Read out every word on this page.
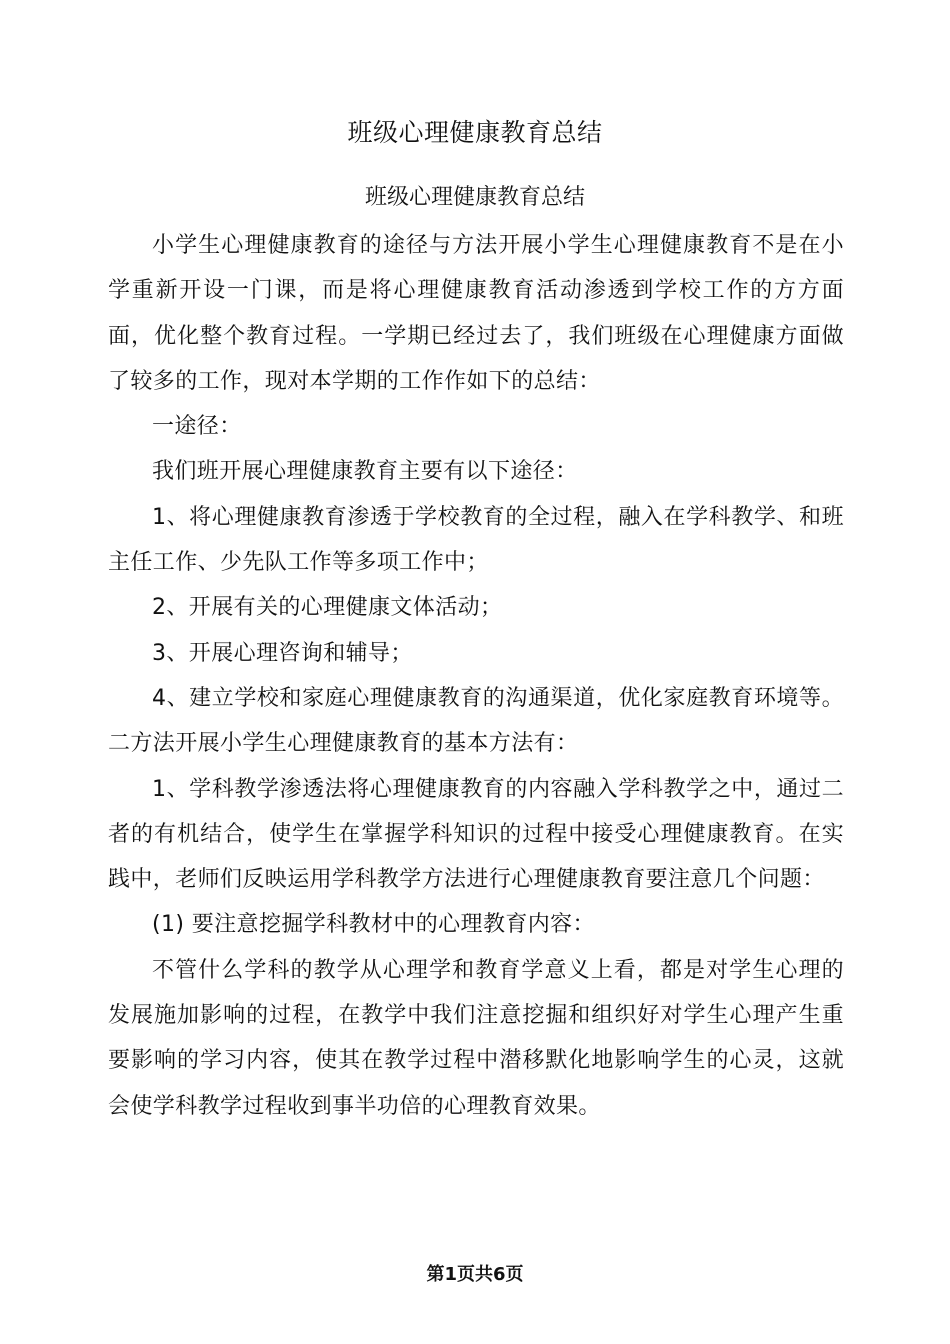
班级心理健康教育总结
班级心理健康教育总结

小学生心理健康教育的途径与方法开展小学生心理健康教育不是在小学重新开设一门课，而是将心理健康教育活动渗透到学校工作的方方面面，优化整个教育过程。一学期已经过去了，我们班级在心理健康方面做了较多的工作，现对本学期的工作作如下的总结：

一途径：

我们班开展心理健康教育主要有以下途径：

1、将心理健康教育渗透于学校教育的全过程，融入在学科教学、和班主任工作、少先队工作等多项工作中；

2、开展有关的心理健康文体活动；

3、开展心理咨询和辅导；

4、建立学校和家庭心理健康教育的沟通渠道，优化家庭教育环境等。二方法开展小学生心理健康教育的基本方法有：

1、学科教学渗透法将心理健康教育的内容融入学科教学之中，通过二者的有机结合，使学生在掌握学科知识的过程中接受心理健康教育。在实践中，老师们反映运用学科教学方法进行心理健康教育要注意几个问题：

(1) 要注意挖掘学科教材中的心理教育内容：

不管什么学科的教学从心理学和教育学意义上看，都是对学生心理的发展施加影响的过程，在教学中我们注意挖掘和组织好对学生心理产生重要影响的学习内容，使其在教学过程中潜移默化地影响学生的心灵，这就会使学科教学过程收到事半功倍的心理教育效果。

第1页共6页
